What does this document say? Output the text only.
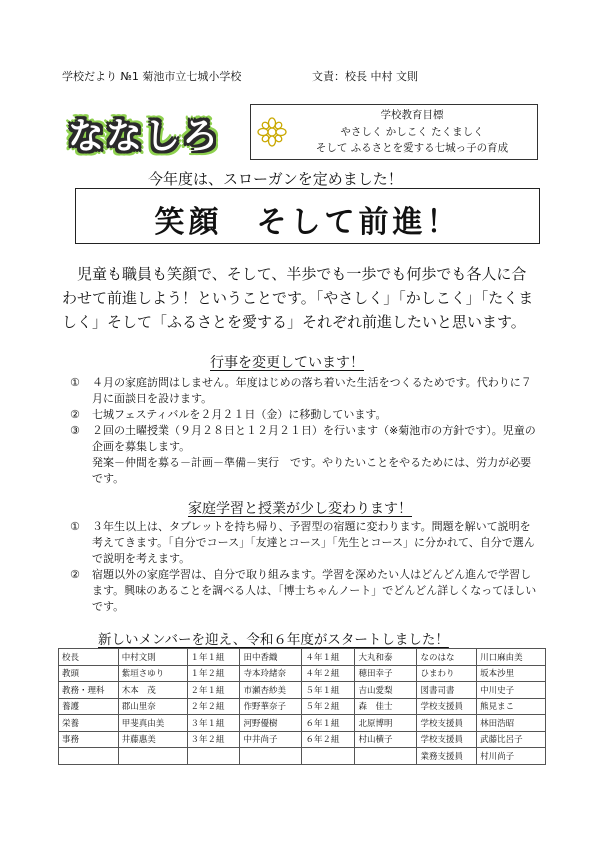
学校だより №1 菊池市立七城小学校	文責：校長 中村 文則
ななしろ
学校教育目標
やさしく かしこく たくましく
そして ふるさとを愛する七城っ子の育成
今年度は、スローガンを定めました！
笑顔　そして前進！
児童も職員も笑顔で、そして、半歩でも一歩でも何歩でも各人に合わせて前進しよう！ということです。「やさしく」「かしこく」「たくましく」そして「ふるさとを愛する」それぞれ前進したいと思います。
行事を変更しています！
①	４月の家庭訪問はしません。年度はじめの落ち着いた生活をつくるためです。代わりに７月に面談日を設けます。
②	七城フェスティバルを２月２１日（金）に移動しています。
③	２回の土曜授業（９月２８日と１２月２１日）を行います（※菊池市の方針です）。児童の企画を募集します。
発案－仲間を募る－計画－準備－実行　です。やりたいことをやるためには、労力が必要です。
家庭学習と授業が少し変わります！
①	３年生以上は、タブレットを持ち帰り、予習型の宿題に変わります。問題を解いて説明を考えてきます。「自分でコース」「友達とコース」「先生とコース」に分かれて、自分で選んで説明を考えます。
②	宿題以外の家庭学習は、自分で取り組みます。学習を深めたい人はどんどん進んで学習します。興味のあることを調べる人は、「博士ちゃんノート」でどんどん詳しくなってほしいです。
新しいメンバーを迎え、令和６年度がスタートしました！
校長	中村文則	１年１組	田中香織	４年１組	大丸和泰	なのはな	川口麻由美
教頭	紫垣さゆり	１年２組	寺本玲緒奈	４年２組	穂田幸子	ひまわり	坂本沙里
教務・理科	木本　茂	２年１組	市瀬杏紗美	５年１組	吉山愛梨	図書司書	中川史子
養護	郡山里奈	２年２組	作野華奈子	５年２組	森　佳士	学校支援員	熊見まこ
栄養	甲斐真由美	３年１組	河野優樹	６年１組	北原博明	学校支援員	林田浩昭
事務	井藤惠美	３年２組	中井尚子	６年２組	村山横子	学校支援員	武藤比呂子
						業務支援員	村川尚子
